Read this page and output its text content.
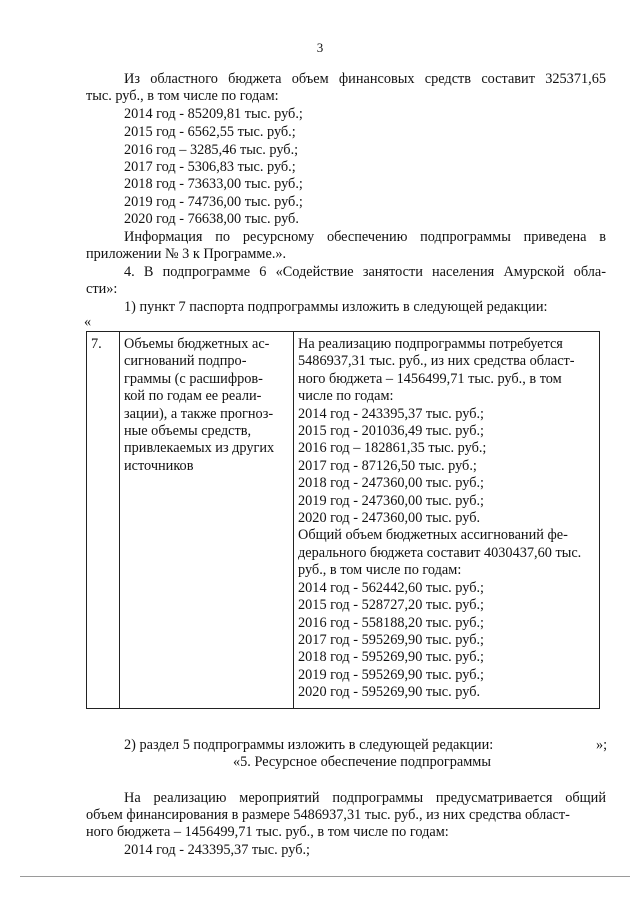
3
Из областного бюджета объем финансовых средств составит 325371,65
тыс. руб., в том числе по годам:
2014 год - 85209,81 тыс. руб.;
2015 год - 6562,55 тыс. руб.;
2016 год – 3285,46 тыс. руб.;
2017 год - 5306,83 тыс. руб.;
2018 год - 73633,00 тыс. руб.;
2019 год - 74736,00 тыс. руб.;
2020 год - 76638,00 тыс. руб.
Информация по ресурсному обеспечению подпрограммы приведена в
приложении № 3 к Программе.».
4. В подпрограмме 6 «Содействие занятости населения Амурской обла-
сти»:
1) пункт 7 паспорта подпрограммы изложить в следующей редакции:
«
7.	Объемы бюджетных ас-
сигнований подпро-
граммы (с расшифров-
кой по годам ее реали-
зации), а также прогноз-
ные объемы средств,
привлекаемых из других
источников

На реализацию подпрограммы потребуется
5486937,31 тыс. руб., из них средства област-
ного бюджета – 1456499,71 тыс. руб., в том
числе по годам:
2014 год - 243395,37 тыс. руб.;
2015 год - 201036,49 тыс. руб.;
2016 год – 182861,35 тыс. руб.;
2017 год - 87126,50 тыс. руб.;
2018 год - 247360,00 тыс. руб.;
2019 год - 247360,00 тыс. руб.;
2020 год - 247360,00 тыс. руб.
Общий объем бюджетных ассигнований фе-
дерального бюджета составит 4030437,60 тыс.
руб., в том числе по годам:
2014 год - 562442,60 тыс. руб.;
2015 год - 528727,20 тыс. руб.;
2016 год - 558188,20 тыс. руб.;
2017 год - 595269,90 тыс. руб.;
2018 год - 595269,90 тыс. руб.;
2019 год - 595269,90 тыс. руб.;
2020 год - 595269,90 тыс. руб.
»;
2) раздел 5 подпрограммы изложить в следующей редакции:
«5. Ресурсное обеспечение подпрограммы
На реализацию мероприятий подпрограммы предусматривается общий
объем финансирования в размере 5486937,31 тыс. руб., из них средства област-
ного бюджета – 1456499,71 тыс. руб., в том числе по годам:
2014 год - 243395,37 тыс. руб.;
